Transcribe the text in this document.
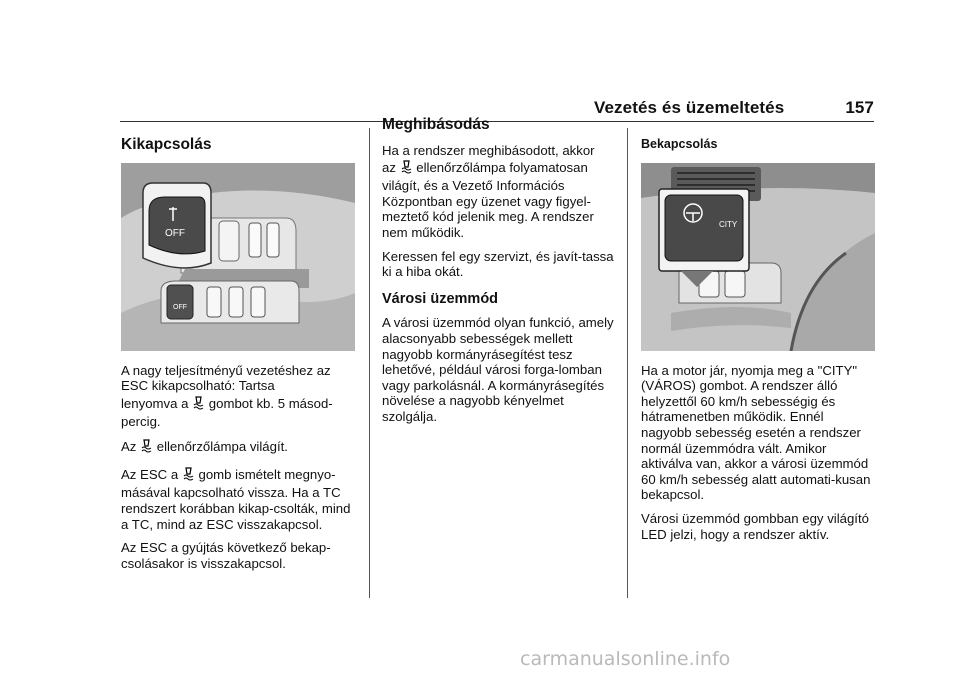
Vezetés és üzemeltetés	157
Kikapcsolás
OFF
OFF

A nagy teljesítményű vezetéshez az
ESC kikapcsolható: Tartsa
lenyomva a gombot kb. 5 másod-
percig.

Az ellenőrzőlámpa világít.

Az ESC a gomb ismételt megnyo-
másával kapcsolható vissza. Ha a TC rendszert korábban kikap-csolták, mind a TC, mind az ESC visszakapcsol.

Az ESC a gyújtás következő bekap-csolásakor is visszakapcsol.

Meghibásodás

Ha a rendszer meghibásodott, akkor
az ellenőrzőlámpa folyamatosan
világít, és a Vezető Információs Központban egy üzenet vagy figyel-meztető kód jelenik meg. A rendszer nem működik.

Keressen fel egy szervizt, és javít-tassa ki a hiba okát.

Városi üzemmód

A városi üzemmód olyan funkció, amely alacsonyabb sebességek mellett nagyobb kormányrásegítést tesz lehetővé, például városi forga-lomban vagy parkolásnál. A kormányrásegítés növelése a nagyobb kényelmet szolgálja.

Bekapcsolás
CITY

Ha a motor jár, nyomja meg a "CITY" (VÁROS) gombot. A rendszer álló helyzettől 60 km/h sebességig és hátramenetben működik. Ennél nagyobb sebesség esetén a rendszer normál üzemmódra vált. Amikor aktiválva van, akkor a városi üzemmód 60 km/h sebesség alatt automati-kusan bekapcsol.

Városi üzemmód gombban egy világító LED jelzi, hogy a rendszer aktív.

carmanualsonline.info
